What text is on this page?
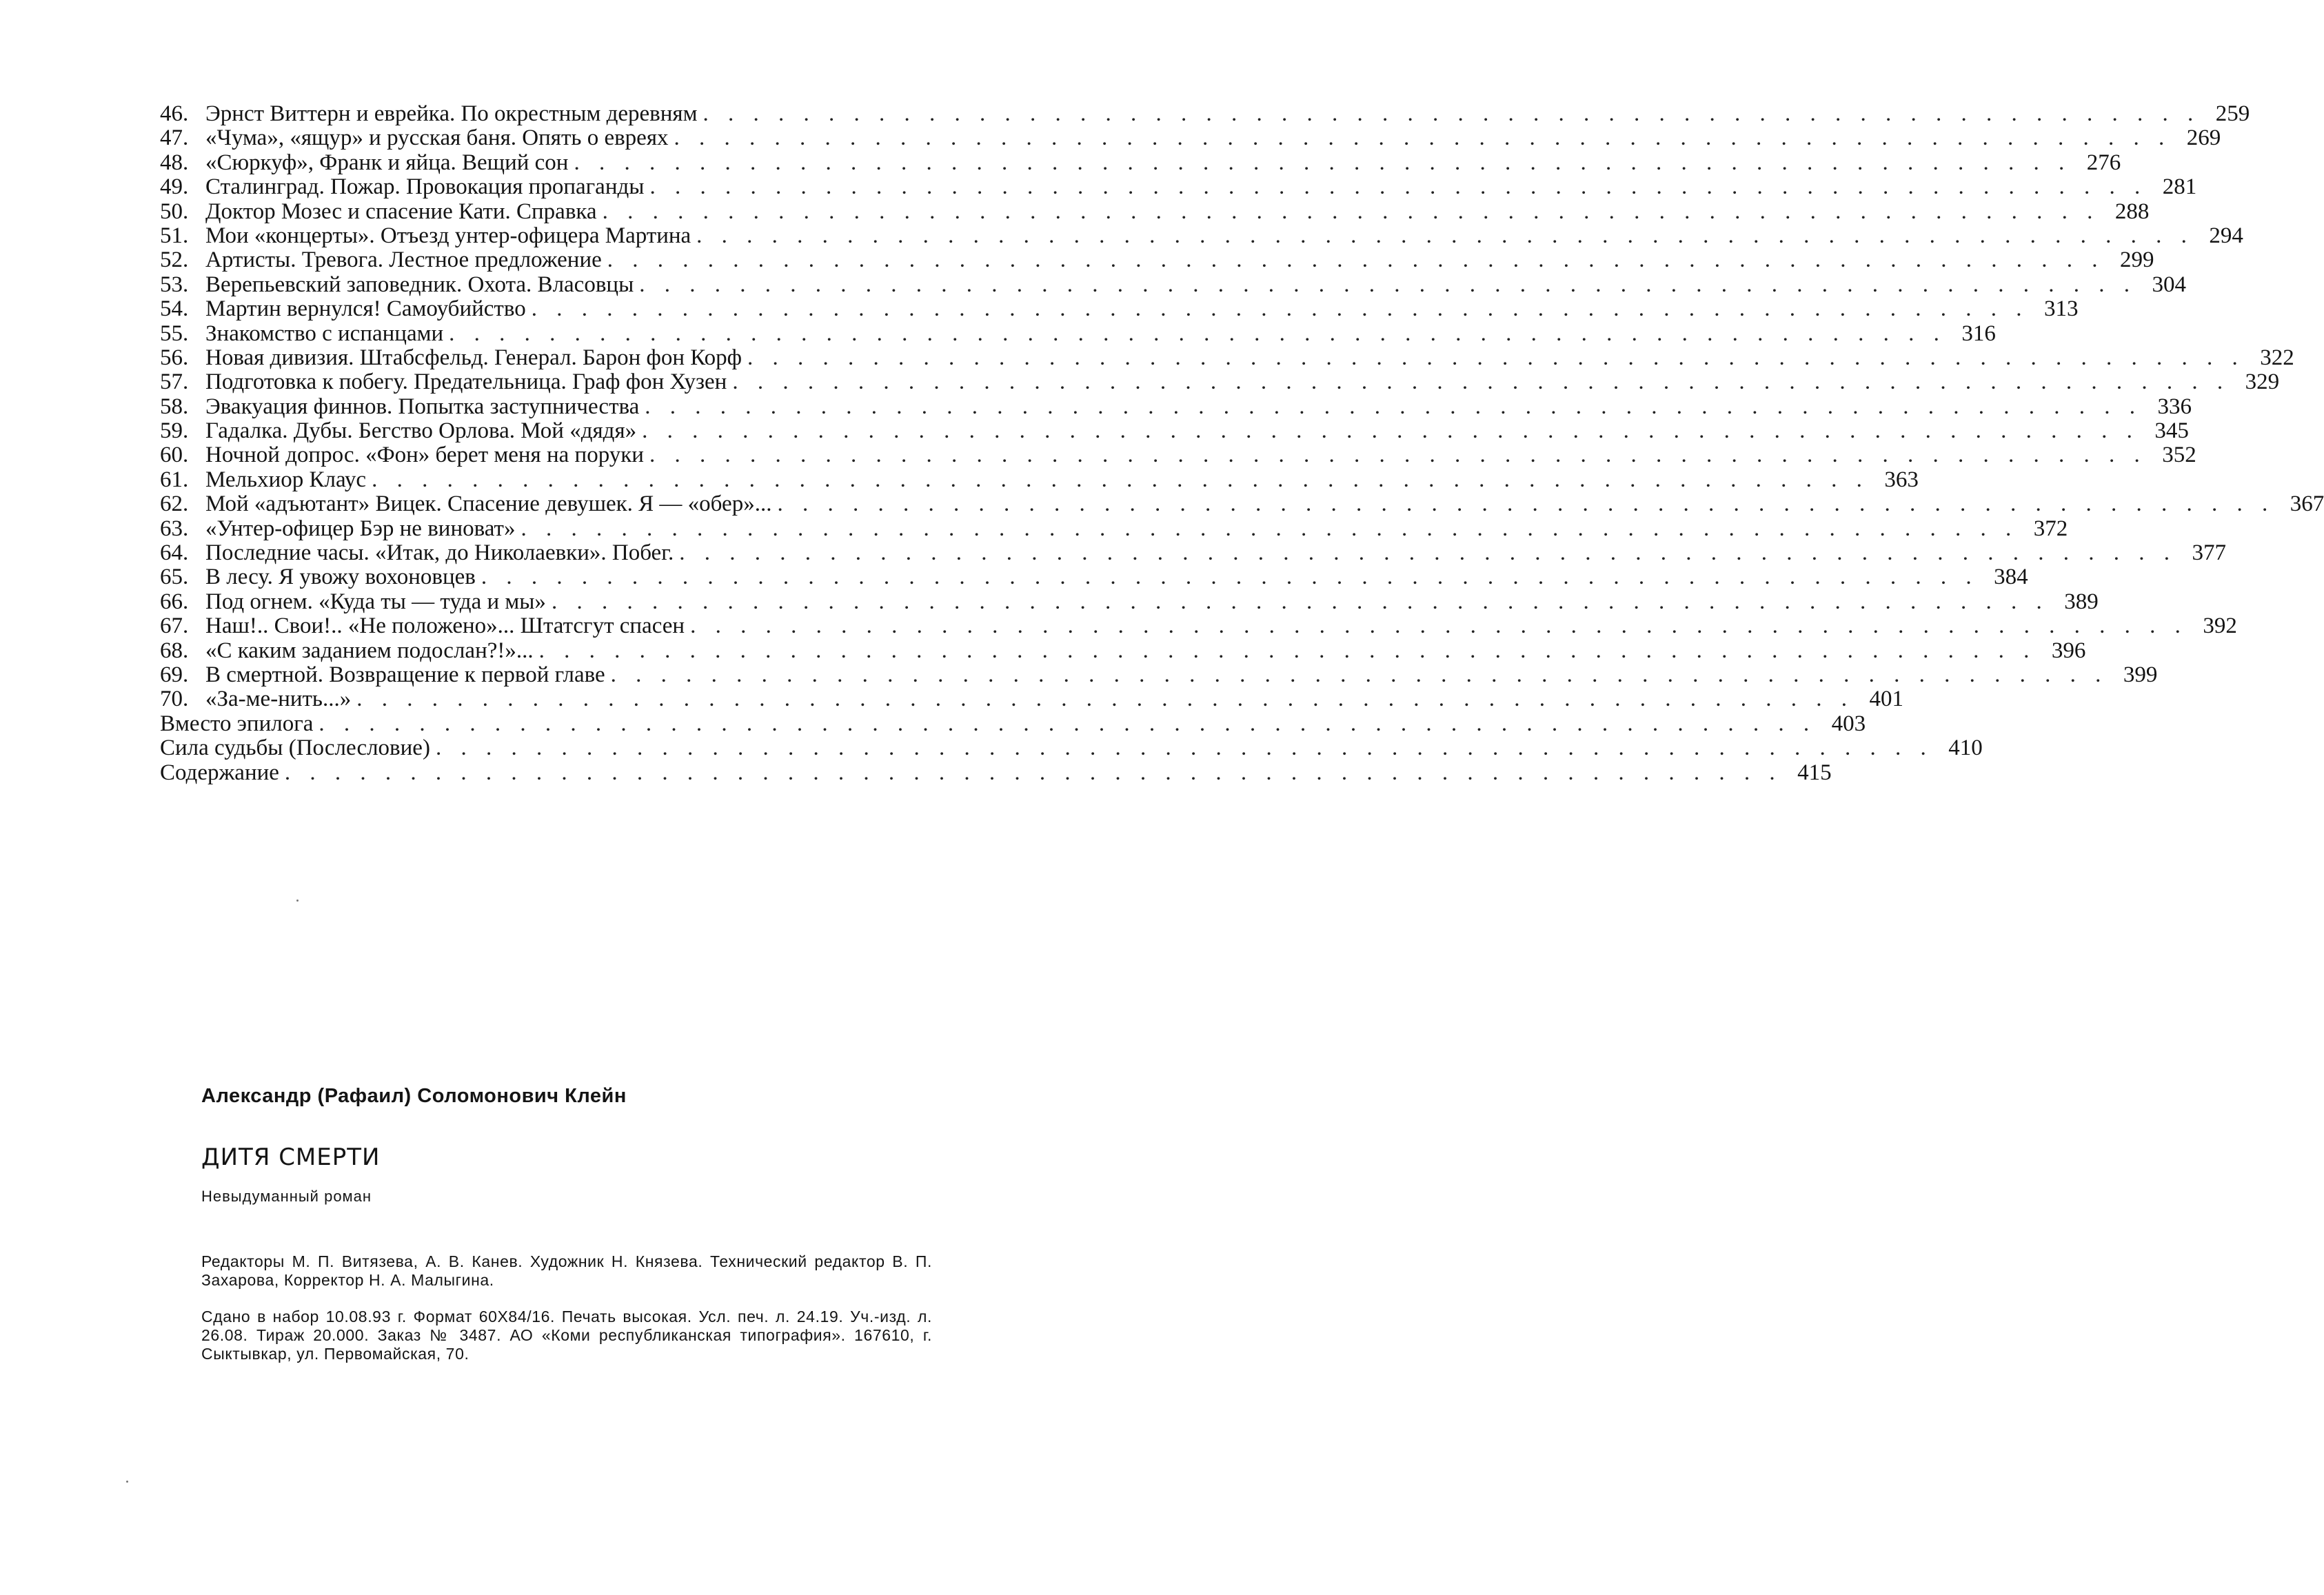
46. Эрнст Виттерн и еврейка. По окрестным деревням . . .	259
47. «Чума», «ящур» и русская баня. Опять о евреях . . .	269
48. «Сюркуф», Франк и яйца. Вещий сон . . .	276
49. Сталинград. Пожар. Провокация пропаганды . . .	281
50. Доктор Мозес и спасение Кати. Справка . . .	288
51. Мои «концерты». Отъезд унтер-офицера Мартина . . .	294
52. Артисты. Тревога. Лестное предложение . . .	299
53. Верепьевский заповедник. Охота. Власовцы . . .	304
54. Мартин вернулся! Самоубийство . . .	313
55. Знакомство с испанцами . . .	316
56. Новая дивизия. Штабсфельд. Генерал. Барон фон Корф . . .	322
57. Подготовка к побегу. Предательница. Граф фон Хузен . . .	329
58. Эвакуация финнов. Попытка заступничества . . .	336
59. Гадалка. Дубы. Бегство Орлова. Мой «дядя» . . .	345
60. Ночной допрос. «Фон» берет меня на поруки . . .	352
61. Мельхиор Клаус . . .	363
62. Мой «адъютант» Вицек. Спасение девушек. Я — «обер»... . . .	367
63. «Унтер-офицер Бэр не виноват» . . .	372
64. Последние часы. «Итак, до Николаевки». Побег. . . .	377
65. В лесу. Я увожу вохоновцев . . .	384
66. Под огнем. «Куда ты — туда и мы» . . .	389
67. Наш!.. Свои!.. «Не положено»... Штатсгут спасен . . .	392
68. «С каким заданием подослан?!»... . . .	396
69. В смертной. Возвращение к первой главе . . .	399
70. «За-ме-нить...» . . .	401
Вместо эпилога . . .	403
Сила судьбы (Послесловие) . . .	410
Содержание . . .	415
Александр (Рафаил) Соломонович Клейн
ДИТЯ СМЕРТИ
Невыдуманный роман
Редакторы М. П. Витязева, А. В. Канев. Художник Н. Князева. Технический редактор В. П. Захарова, Корректор Н. А. Малыгина.
Сдано в набор 10.08.93 г. Формат 60Х84/16. Печать высокая. Усл. печ. л. 24.19. Уч.-изд. л. 26.08. Тираж 20.000. Заказ № 3487. АО «Коми республиканская типография». 167610, г. Сыктывкар, ул. Первомайская, 70.
